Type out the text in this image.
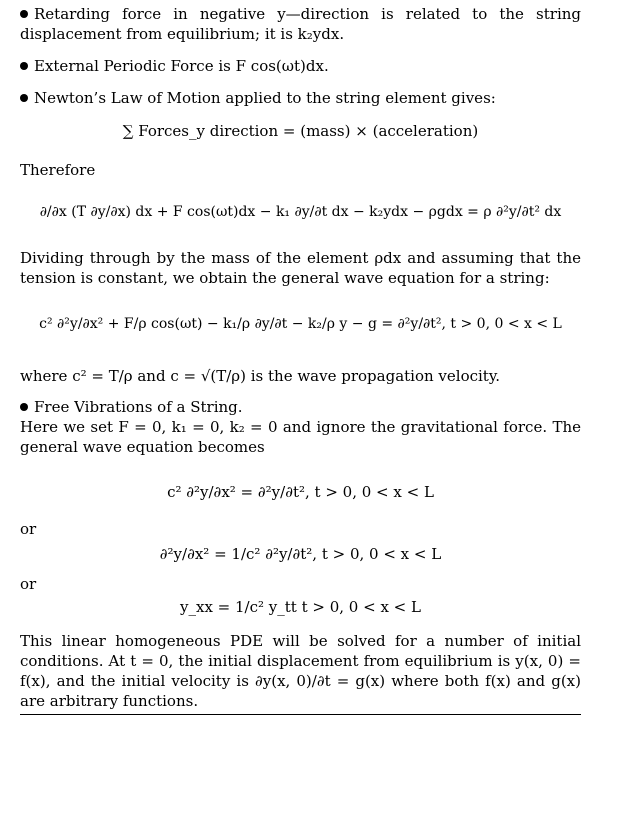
Retarding force in negative y—direction is related to the string displacement from equilibrium; it is k₂ydx.
External Periodic Force is F cos(ωt)dx.
Newton’s Law of Motion applied to the string element gives:
∑ Forces_y direction = (mass) × (acceleration)
Therefore
∂/∂x (T ∂y/∂x) dx + F cos(ωt)dx − k₁ ∂y/∂t dx − k₂ydx − ρgdx = ρ ∂²y/∂t² dx
Dividing through by the mass of the element ρdx and assuming that the tension is constant, we obtain the general wave equation for a string:
c² ∂²y/∂x² + F/ρ cos(ωt) − k₁/ρ ∂y/∂t − k₂/ρ y − g = ∂²y/∂t², t > 0, 0 < x < L
where c² = T/ρ and c = √(T/ρ) is the wave propagation velocity.
Free Vibrations of a String.
Here we set F = 0, k₁ = 0, k₂ = 0 and ignore the gravitational force. The general wave equation becomes
c² ∂²y/∂x² = ∂²y/∂t², t > 0, 0 < x < L
or
∂²y/∂x² = 1/c² ∂²y/∂t², t > 0, 0 < x < L
or
y_xx = 1/c² y_tt t > 0, 0 < x < L
This linear homogeneous PDE will be solved for a number of initial conditions. At t = 0, the initial displacement from equilibrium is y(x, 0) = f(x), and the initial velocity is ∂y(x, 0)/∂t = g(x) where both f(x) and g(x) are arbitrary functions.
